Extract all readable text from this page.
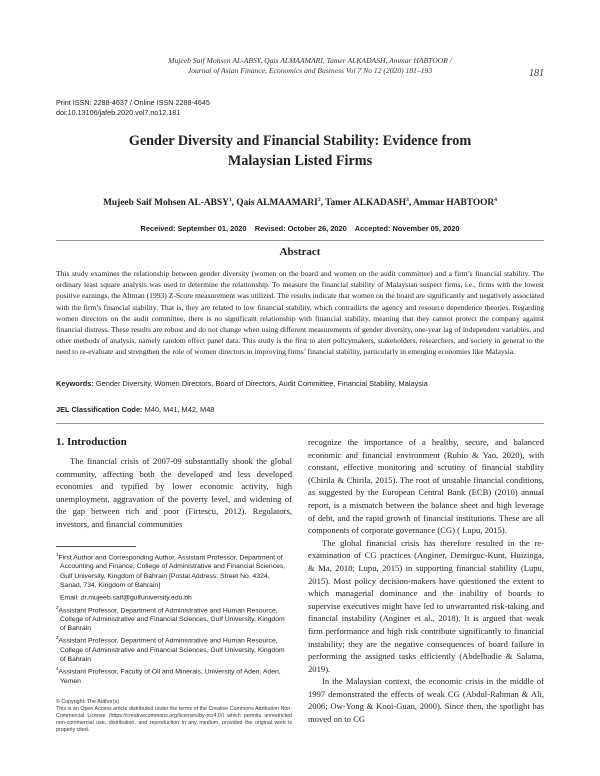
Mujeeb Saif Mohsen AL-ABSY, Qais ALMAAMARI, Tamer ALKADASH, Ammar HABTOOR /
Journal of Asian Finance, Economics and Business Vol 7 No 12 (2020) 181–193	181
Print ISSN: 2288-4637 / Online ISSN 2288-4645
doi:10.13106/jafeb.2020.vol7.no12.181
Gender Diversity and Financial Stability: Evidence from
Malaysian Listed Firms
Mujeeb Saif Mohsen AL-ABSY$^1$, Qais ALMAAMARI$^2$, Tamer ALKADASH$^3$, Ammar HABTOOR$^4$
Received: September 01, 2020    Revised: October 26, 2020    Accepted: November 05, 2020
Abstract
This study examines the relationship between gender diversity (women on the board and women on the audit committee) and a firm’s financial stability. The ordinary least square analysis was used to determine the relationship. To measure the financial stability of Malaysian suspect firms, i.e., firms with the lowest positive earnings, the Altman (1993) Z-Score measurement was utilized. The results indicate that women on the board are significantly and negatively associated with the firm’s financial stability. That is, they are related to low financial stability, which contradicts the agency and resource dependence theories. Regarding women directors on the audit committee, there is no significant relationship with financial stability, meaning that they cannot protect the company against financial distress. These results are robust and do not change when using different measurements of gender diversity, one-year lag of independent variables, and other methods of analysis, namely random effect panel data. This study is the first to alert policymakers, stakeholders, researchers, and society in general to the need to re-evaluate and strengthen the role of women directors in improving firms’ financial stability, particularly in emerging economies like Malaysia.
Keywords: Gender Diversity, Women Directors, Board of Directors, Audit Committee, Financial Stability, Malaysia
JEL Classification Code: M40, M41, M42, M48
1. Introduction

The financial crisis of 2007-09 substantially shook the global community, affecting both the developed and less developed economies and typified by lower economic activity, high unemployment, aggravation of the poverty level, and widening of the gap between rich and poor (Firtescu, 2012). Regulators, investors, and financial communities

$^1$First Author and Corresponding Author. Assistant Professor, Department of Accounting and Finance, College of Administrative and Financial Sciences, Gulf University, Kingdom of Bahrain [Postal Address: Street No. 4324, Sanad, 734, Kingdom of Bahrain]

Email: dr.mujeeb.saif@gulfuniversity.edu.bh

$^2$Assistant Professor, Department of Administrative and Human Resource, College of Administrative and Financial Sciences, Gulf University, Kingdom of Bahrain

$^3$Assistant Professor, Department of Administrative and Human Resource, College of Administrative and Financial Sciences, Gulf University, Kingdom of Bahrain

$^4$Assistant Professor, Faculty of Oil and Minerals, University of Aden, Aden, Yemen

© Copyright: The Author(s)
This is an Open Access article distributed under the terms of the Creative Commons Attribution Non-Commercial License (https://creativecommons.org/licenses/by-nc/4.0/) which permits unrestricted non-commercial use, distribution, and reproduction in any medium, provided the original work is properly cited.

recognize the importance of a healthy, secure, and balanced economic and financial environment (Rubio & Yao, 2020), with constant, effective monitoring and scrutiny of financial stability (Chirila & Chirila, 2015). The root of unstable financial conditions, as suggested by the European Central Bank (ECB) (2010) annual report, is a mismatch between the balance sheet and high leverage of debt, and the rapid growth of financial institutions. These are all components of corporate governance (CG) ( Lupu, 2015).

The global financial crisis has therefore resulted in the re-examination of CG practices (Anginer, Demirguc-Kunt, Huizinga, & Ma, 2018; Lupu, 2015) in supporting financial stability (Lupu, 2015). Most policy decision-makers have questioned the extent to which managerial dominance and the inability of boards to supervise executives might have led to unwarranted risk-taking and financial instability (Anginer et al., 2018). It is argued that weak firm performance and high risk contribute significantly to financial instability; they are the negative consequences of board failure in performing the assigned tasks efficiently (Abdelbadie & Salama, 2019).

In the Malaysian context, the economic crisis in the middle of 1997 demonstrated the effects of weak CG (Abdul-Rahman & Ali, 2006; Ow-Yong & Kooi-Guan, 2000). Since then, the spotlight has moved on to CG
